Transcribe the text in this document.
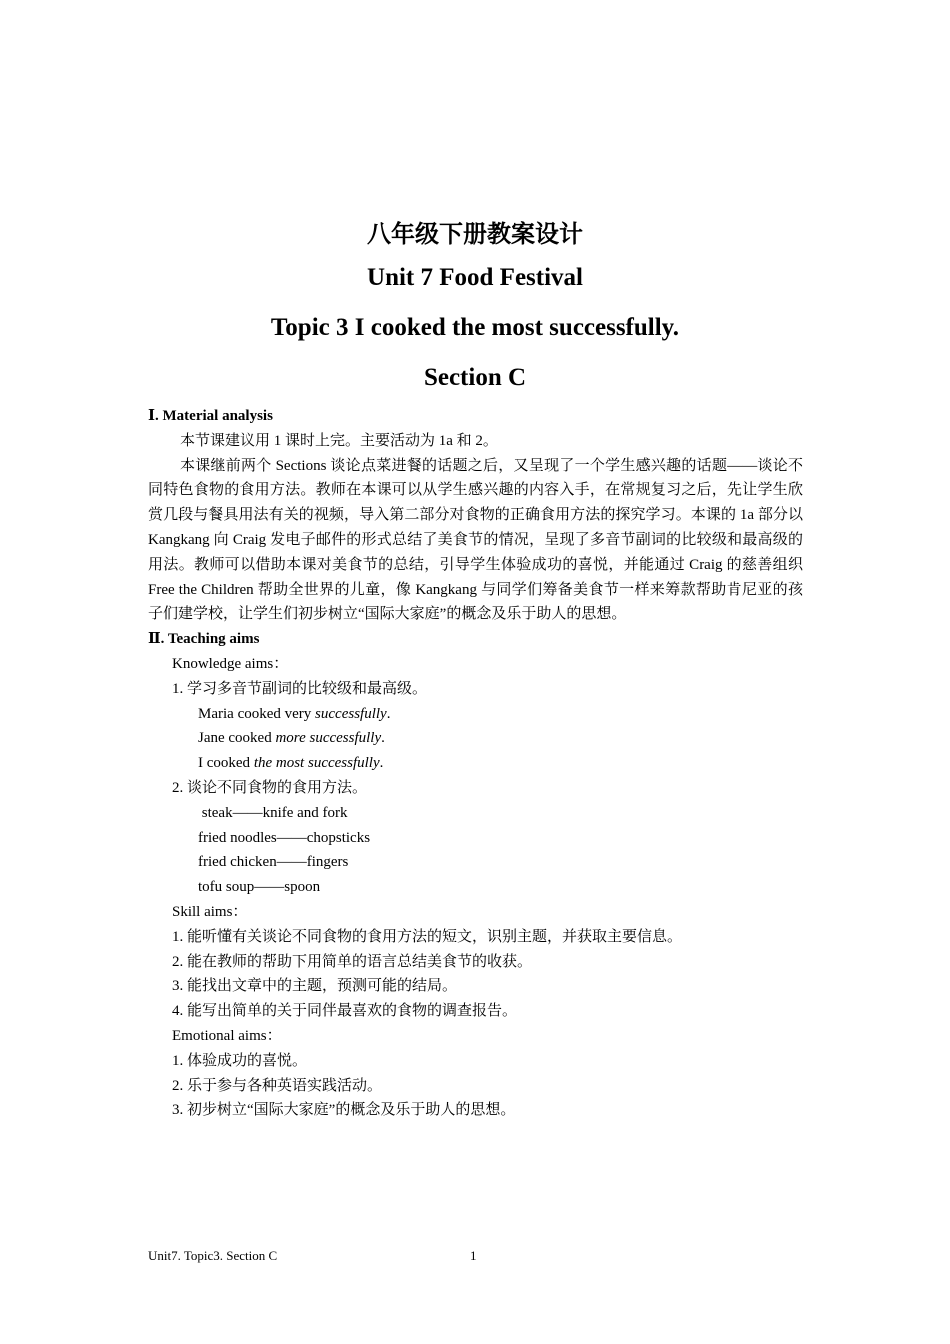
八年级下册教案设计
Unit 7 Food Festival
Topic 3 I cooked the most successfully.
Section C

Ⅰ. Material analysis

本节课建议用 1 课时上完。主要活动为 1a 和 2。

本课继前两个 Sections 谈论点菜进餐的话题之后，又呈现了一个学生感兴趣的话题——谈论不同特色食物的食用方法。教师在本课可以从学生感兴趣的内容入手，在常规复习之后，先让学生欣赏几段与餐具用法有关的视频，导入第二部分对食物的正确食用方法的探究学习。本课的 1a 部分以 Kangkang 向 Craig 发电子邮件的形式总结了美食节的情况，呈现了多音节副词的比较级和最高级的用法。教师可以借助本课对美食节的总结，引导学生体验成功的喜悦，并能通过 Craig 的慈善组织 Free the Children 帮助全世界的儿童，像 Kangkang 与同学们筹备美食节一样来筹款帮助肯尼亚的孩子们建学校，让学生们初步树立“国际大家庭”的概念及乐于助人的思想。

Ⅱ. Teaching aims

Knowledge aims：

1. 学习多音节副词的比较级和最高级。

Maria cooked very successfully.

Jane cooked more successfully.

I cooked the most successfully.

2. 谈论不同食物的食用方法。

steak——knife and fork

fried noodles——chopsticks

fried chicken——fingers

tofu soup——spoon

Skill aims：

1. 能听懂有关谈论不同食物的食用方法的短文，识别主题，并获取主要信息。

2. 能在教师的帮助下用简单的语言总结美食节的收获。

3. 能找出文章中的主题，预测可能的结局。

4. 能写出简单的关于同伴最喜欢的食物的调查报告。

Emotional aims：

1. 体验成功的喜悦。

2. 乐于参与各种英语实践活动。

3. 初步树立“国际大家庭”的概念及乐于助人的思想。

Unit7. Topic3. Section C	1
